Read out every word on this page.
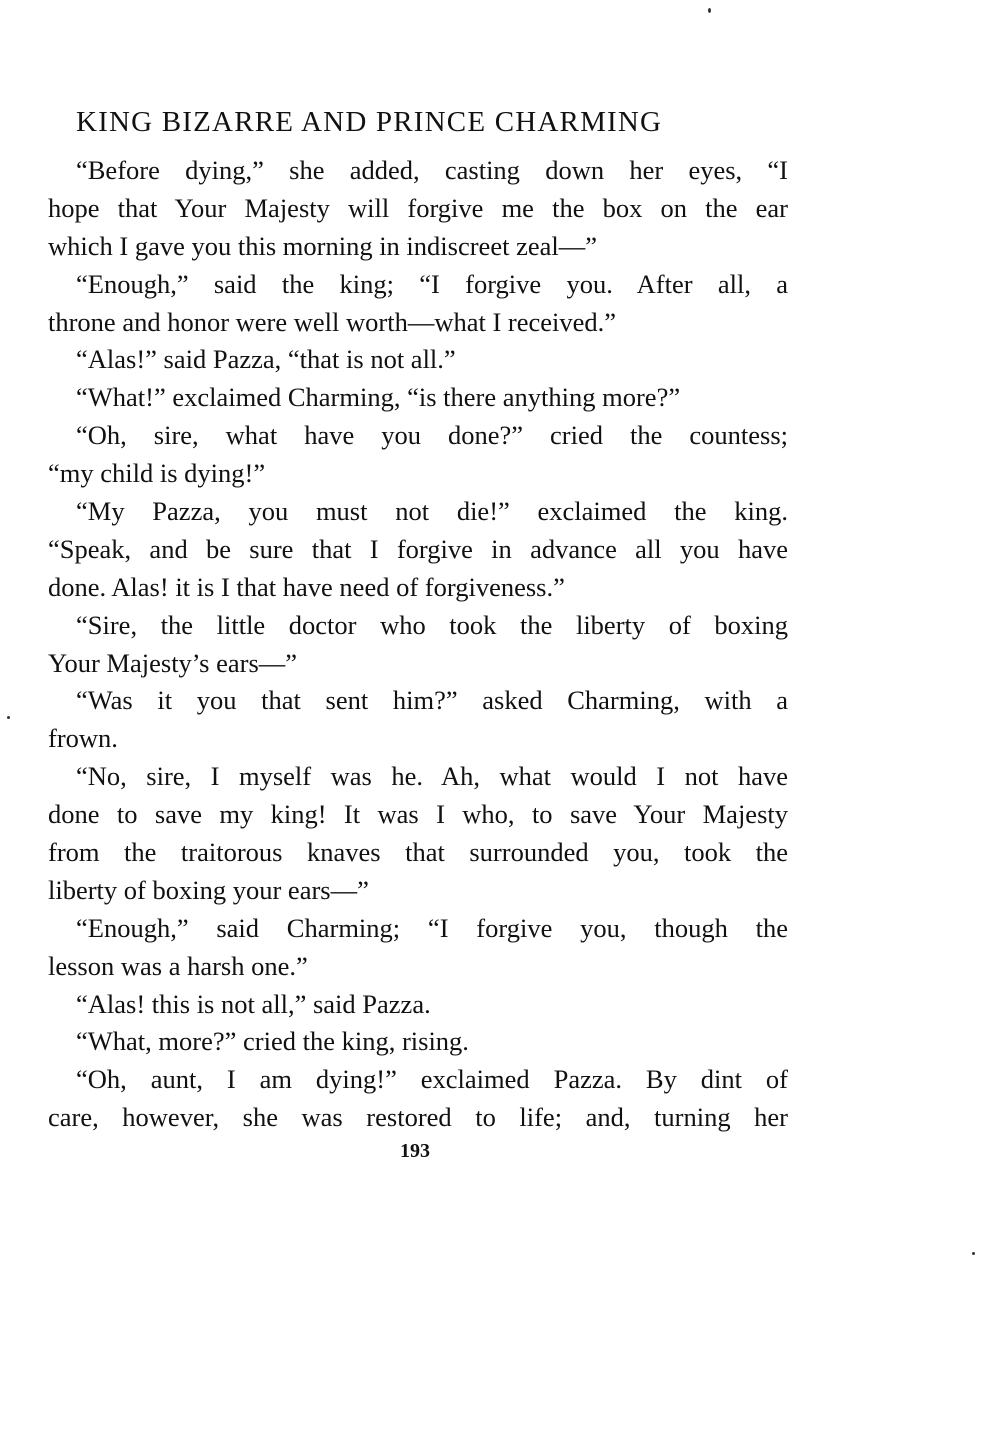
KING BIZARRE AND PRINCE CHARMING
“Before dying,” she added, casting down her eyes, “I
hope that Your Majesty will forgive me the box on the ear
which I gave you this morning in indiscreet zeal—”
“Enough,” said the king; “I forgive you. After all, a
throne and honor were well worth—what I received.”
“Alas!” said Pazza, “that is not all.”
“What!” exclaimed Charming, “is there anything more?”
“Oh, sire, what have you done?” cried the countess;
“my child is dying!”
“My Pazza, you must not die!” exclaimed the king.
“Speak, and be sure that I forgive in advance all you have
done. Alas! it is I that have need of forgiveness.”
“Sire, the little doctor who took the liberty of boxing
Your Majesty’s ears—”
“Was it you that sent him?” asked Charming, with a
frown.
“No, sire, I myself was he. Ah, what would I not have
done to save my king! It was I who, to save Your Majesty
from the traitorous knaves that surrounded you, took the
liberty of boxing your ears—”
“Enough,” said Charming; “I forgive you, though the
lesson was a harsh one.”
“Alas! this is not all,” said Pazza.
“What, more?” cried the king, rising.
“Oh, aunt, I am dying!” exclaimed Pazza. By dint of
care, however, she was restored to life; and, turning her
193
